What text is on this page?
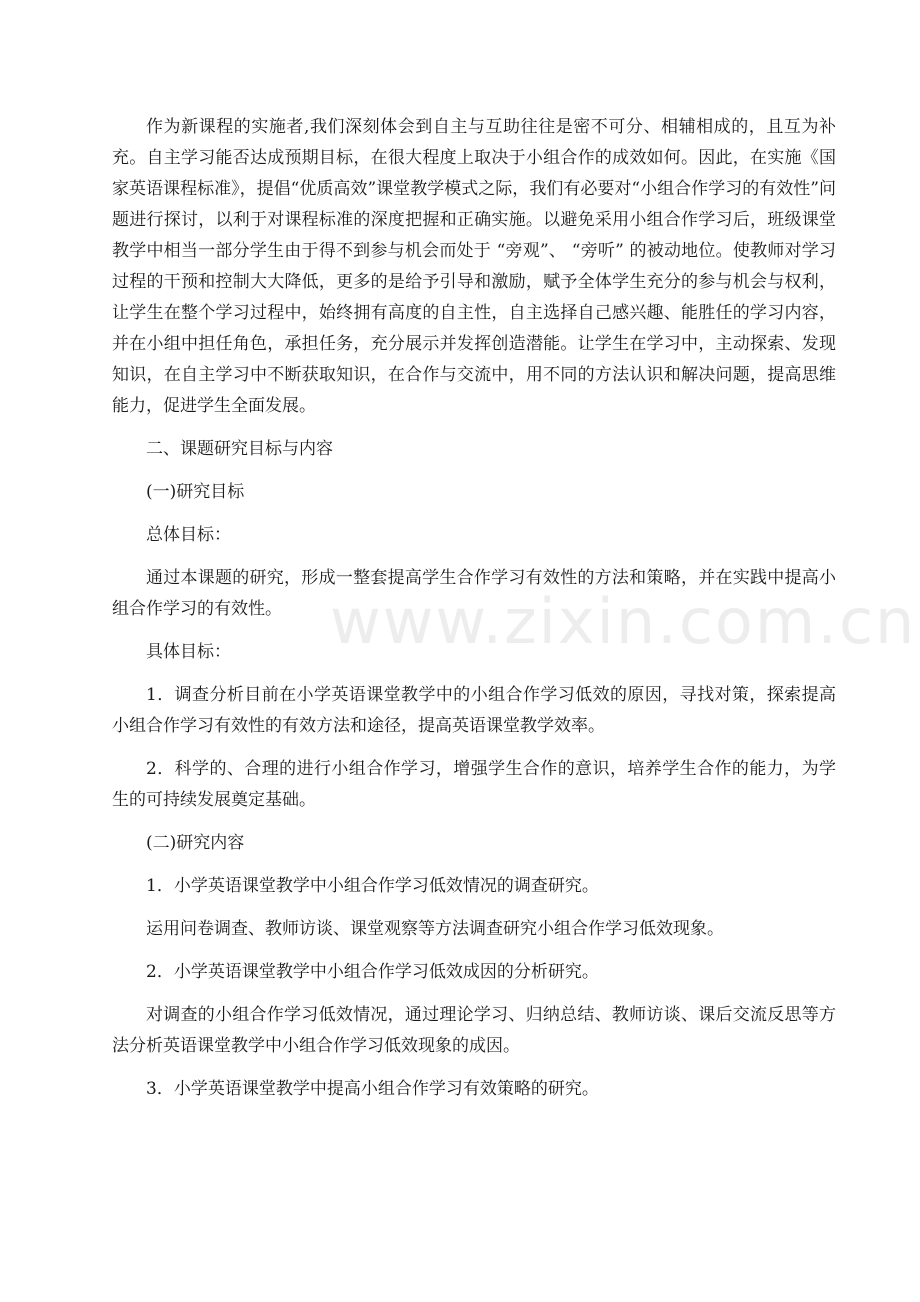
www.zixin.com.cn

作为新课程的实施者,我们深刻体会到自主与互助往往是密不可分、相辅相成的，且互为补充。自主学习能否达成预期目标，在很大程度上取决于小组合作的成效如何。因此，在实施《国家英语课程标准》，提倡“优质高效”课堂教学模式之际，我们有必要对“小组合作学习的有效性”问题进行探讨，以利于对课程标准的深度把握和正确实施。以避免采用小组合作学习后，班级课堂教学中相当一部分学生由于得不到参与机会而处于 “旁观”、 “旁听” 的被动地位。使教师对学习过程的干预和控制大大降低，更多的是给予引导和激励，赋予全体学生充分的参与机会与权利，让学生在整个学习过程中，始终拥有高度的自主性，自主选择自己感兴趣、能胜任的学习内容，并在小组中担任角色，承担任务，充分展示并发挥创造潜能。让学生在学习中，主动探索、发现知识，在自主学习中不断获取知识，在合作与交流中，用不同的方法认识和解决问题，提高思维能力，促进学生全面发展。

二、课题研究目标与内容

(一)研究目标

总体目标：

通过本课题的研究，形成一整套提高学生合作学习有效性的方法和策略，并在实践中提高小组合作学习的有效性。

具体目标：

1．调查分析目前在小学英语课堂教学中的小组合作学习低效的原因，寻找对策，探索提高小组合作学习有效性的有效方法和途径，提高英语课堂教学效率。

2．科学的、合理的进行小组合作学习，增强学生合作的意识，培养学生合作的能力，为学生的可持续发展奠定基础。

(二)研究内容

1．小学英语课堂教学中小组合作学习低效情况的调查研究。

运用问卷调查、教师访谈、课堂观察等方法调查研究小组合作学习低效现象。

2．小学英语课堂教学中小组合作学习低效成因的分析研究。

对调查的小组合作学习低效情况，通过理论学习、归纳总结、教师访谈、课后交流反思等方法分析英语课堂教学中小组合作学习低效现象的成因。

3．小学英语课堂教学中提高小组合作学习有效策略的研究。
